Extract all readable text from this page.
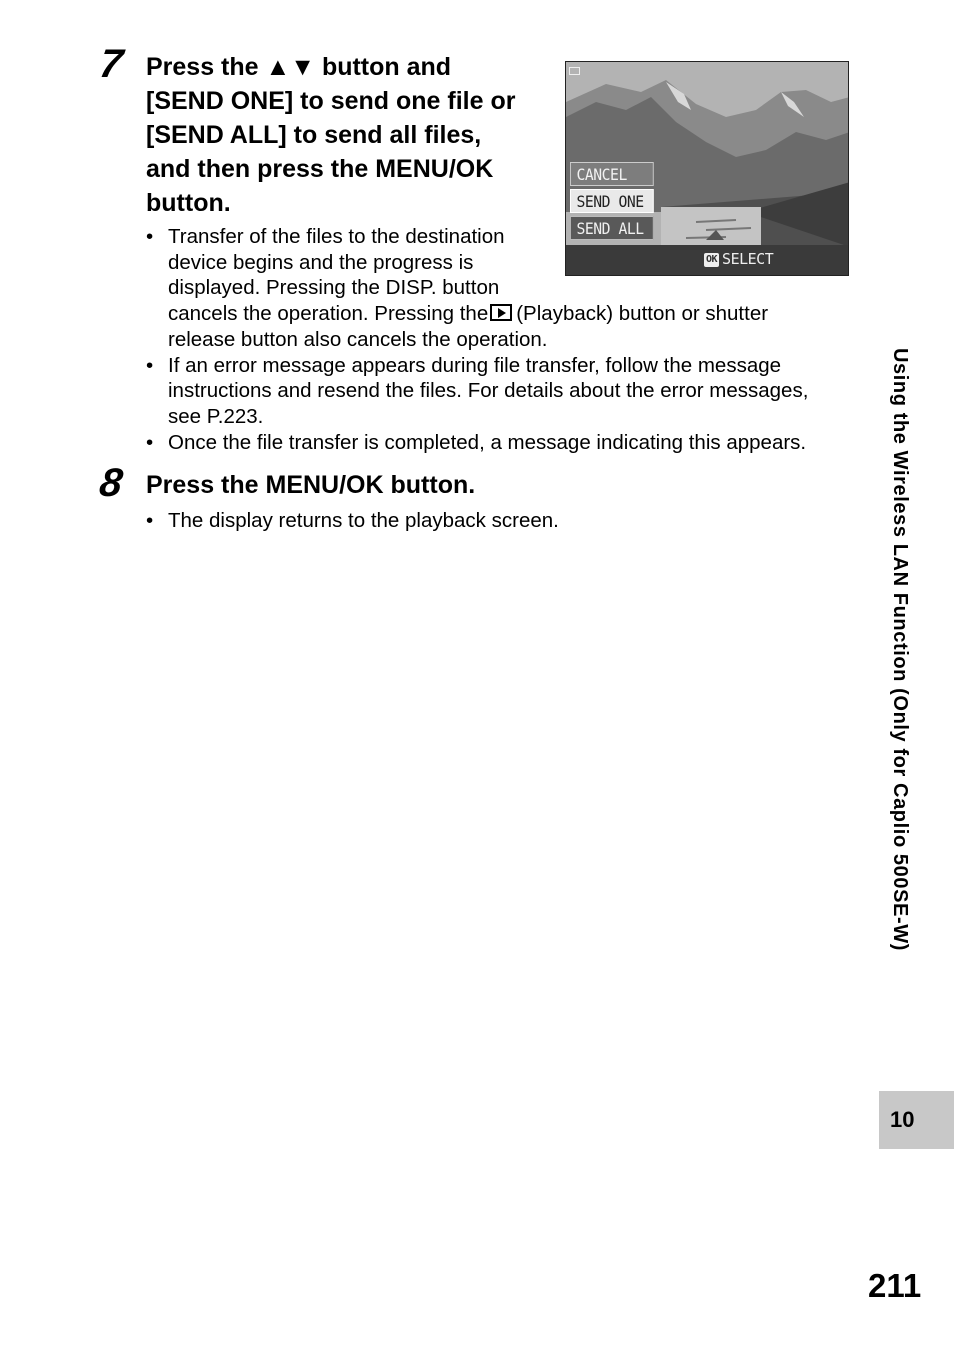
7 Press the ▲▼ button and
[SEND ONE] to send one file or
[SEND ALL] to send all files,
and then press the MENU/OK
button.
• Transfer of the files to the destination
device begins and the progress is
displayed. Pressing the DISP. button
cancels the operation. Pressing the (Playback) button or shutter
release button also cancels the operation.
• If an error message appears during file transfer, follow the message
instructions and resend the files. For details about the error messages,
see P.223.
• Once the file transfer is completed, a message indicating this appears.
CANCEL
SEND ONE
SEND ALL
OK SELECT
8 Press the MENU/OK button.
• The display returns to the playback screen.	Using the Wireless LAN Function (Only for Caplio 500SE-W)
10
211
